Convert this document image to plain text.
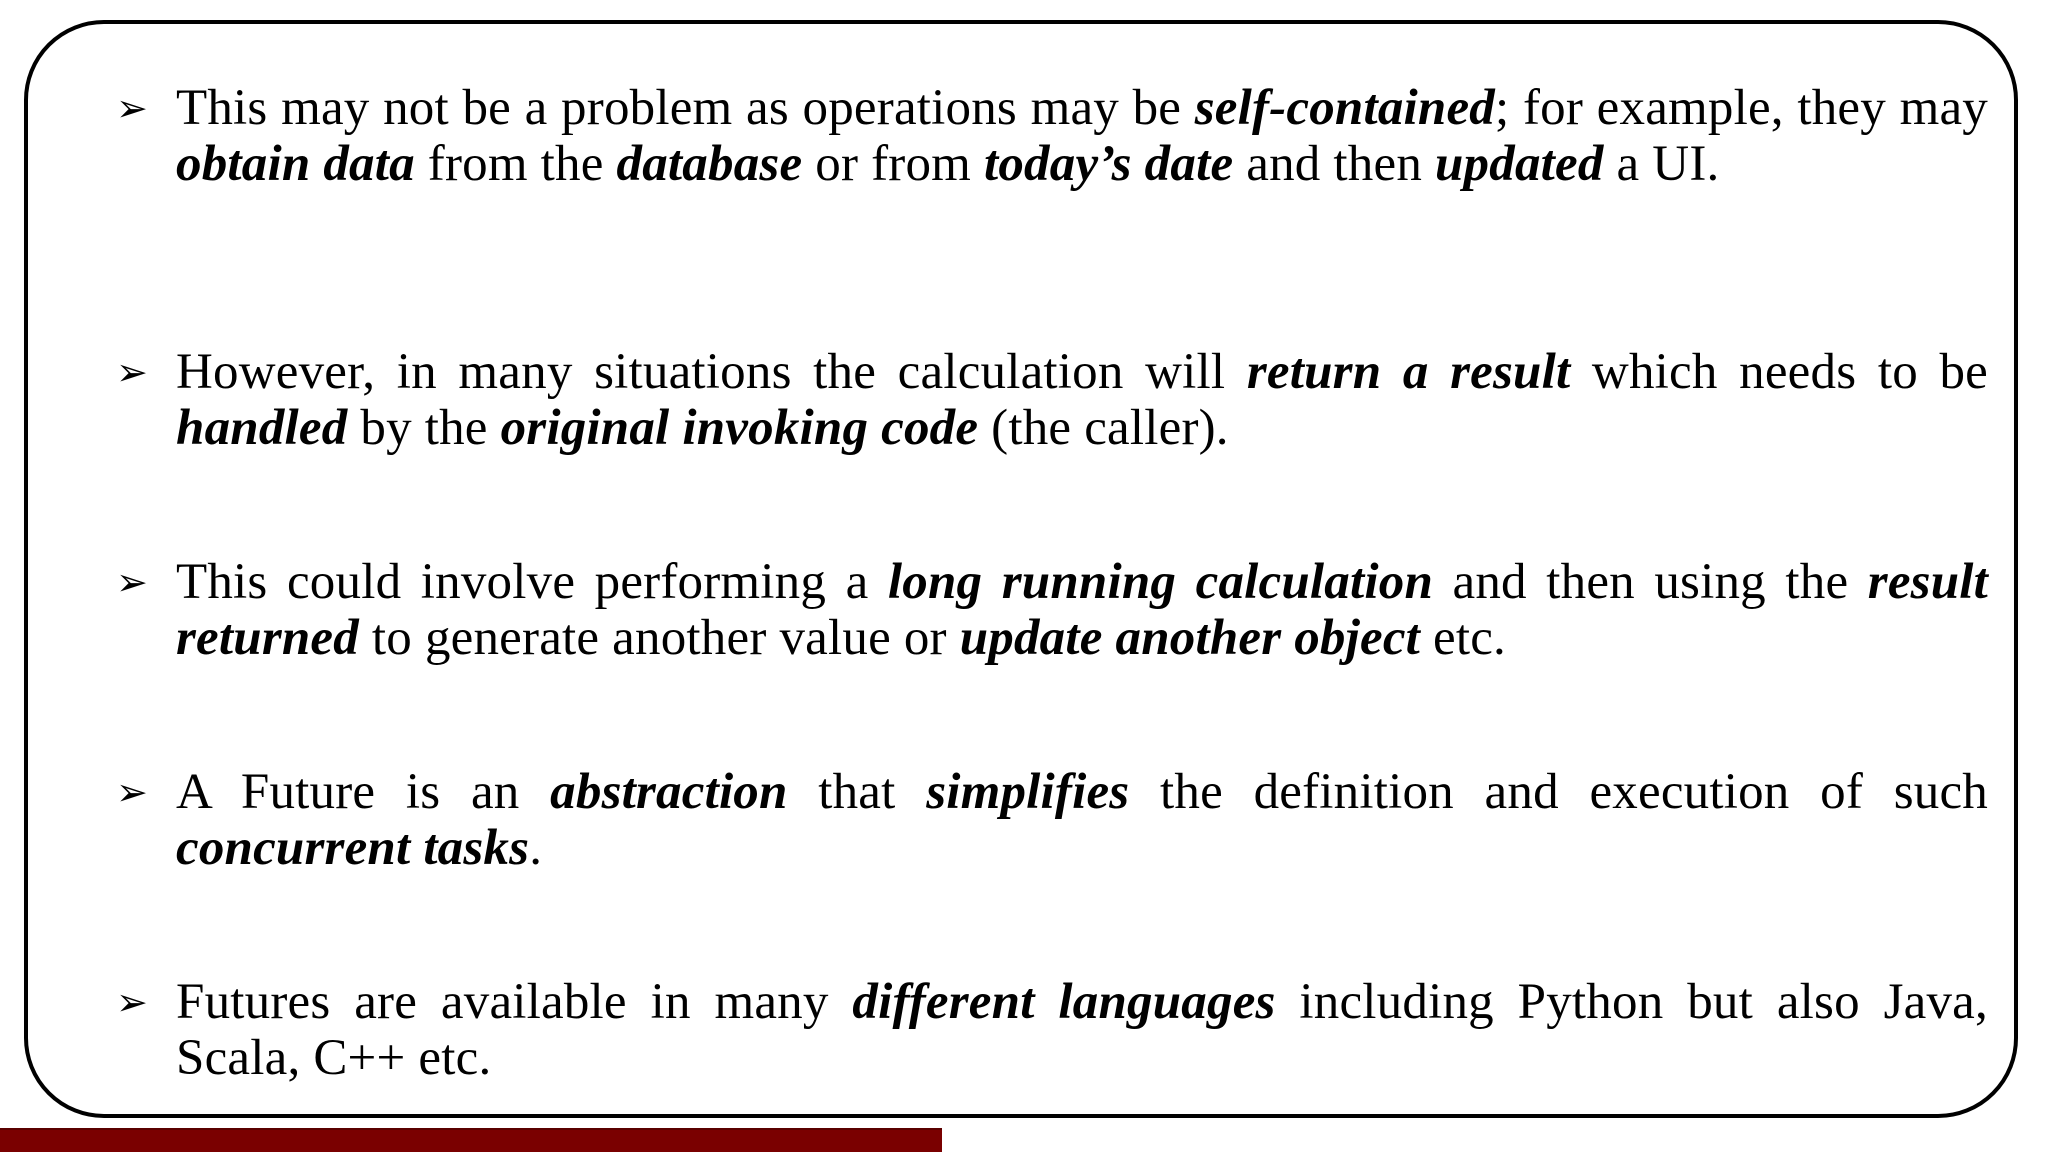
➢ This may not be a problem as operations may be self-contained; for example, they may obtain data from the database or from today’s date and then updated a UI.
➢ However, in many situations the calculation will return a result which needs to be handled by the original invoking code (the caller).
➢ This could involve performing a long running calculation and then using the result returned to generate another value or update another object etc.
➢ A Future is an abstraction that simplifies the definition and execution of such concurrent tasks.
➢ Futures are available in many different languages including Python but also Java, Scala, C++ etc.
